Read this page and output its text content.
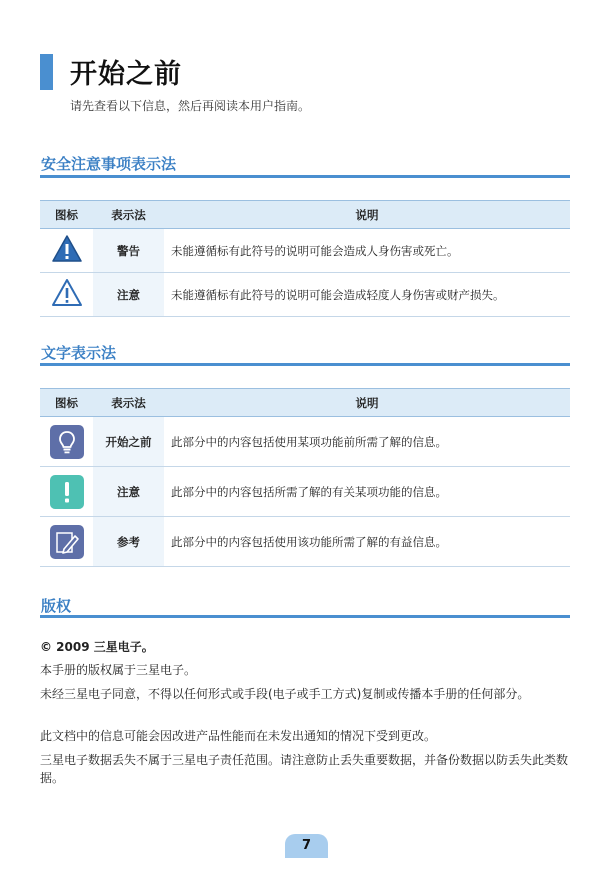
开始之前
请先查看以下信息，然后再阅读本用户指南。
安全注意事项表示法
图标	表示法	说明
	警告	未能遵循标有此符号的说明可能会造成人身伤害或死亡。
	注意	未能遵循标有此符号的说明可能会造成轻度人身伤害或财产损失。
文字表示法
图标	表示法	说明
	开始之前	此部分中的内容包括使用某项功能前所需了解的信息。
	注意	此部分中的内容包括所需了解的有关某项功能的信息。
	参考	此部分中的内容包括使用该功能所需了解的有益信息。
版权
© 2009 三星电子。
本手册的版权属于三星电子。
未经三星电子同意，不得以任何形式或手段(电子或手工方式)复制或传播本手册的任何部分。
此文档中的信息可能会因改进产品性能而在未发出通知的情况下受到更改。
三星电子数据丢失不属于三星电子责任范围。请注意防止丢失重要数据，并备份数据以防丢失此类数据。
7
